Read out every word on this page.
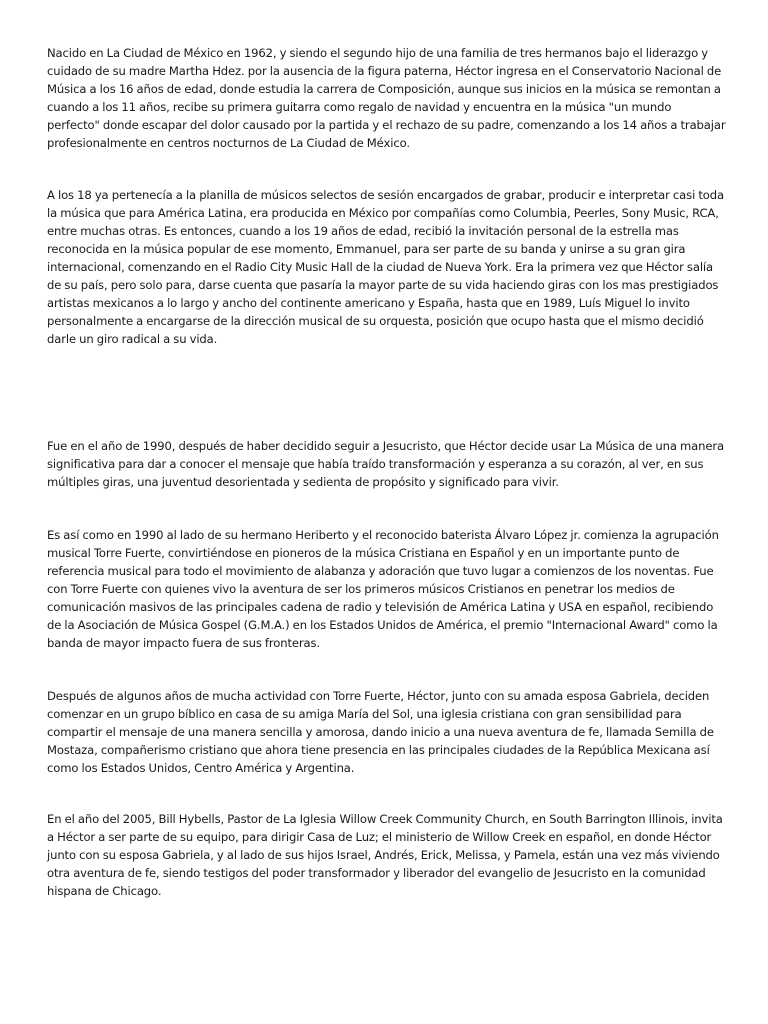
Nacido en La Ciudad de México en 1962, y siendo el segundo hijo de una familia de tres hermanos bajo el liderazgo y cuidado de su madre Martha Hdez. por la ausencia de la figura paterna, Héctor ingresa en el Conservatorio Nacional de Música a los 16 años de edad, donde estudia la carrera de Composición, aunque sus inicios en la música se remontan a cuando a los 11 años, recibe su primera guitarra como regalo de navidad y encuentra en la música "un mundo perfecto" donde escapar del dolor causado por la partida y el rechazo de su padre, comenzando a los 14 años a trabajar profesionalmente en centros nocturnos de La Ciudad de México.

A los 18 ya pertenecía a la planilla de músicos selectos de sesión encargados de grabar, producir e interpretar casi toda la música que para América Latina, era producida en México por compañías como Columbia, Peerles, Sony Music, RCA, entre muchas otras. Es entonces, cuando a los 19 años de edad, recibió la invitación personal de la estrella mas reconocida en la música popular de ese momento, Emmanuel, para ser parte de su banda y unirse a su gran gira internacional, comenzando en el Radio City Music Hall de la ciudad de Nueva York. Era la primera vez que Héctor salía de su país, pero solo para, darse cuenta que pasaría la mayor parte de su vida haciendo giras con los mas prestigiados artistas mexicanos a lo largo y ancho del continente americano y España, hasta que en 1989, Luís Miguel lo invito personalmente a encargarse de la dirección musical de su orquesta, posición que ocupo hasta que el mismo decidió darle un giro radical a su vida.

Fue en el año de 1990, después de haber decidido seguir a Jesucristo, que Héctor decide usar La Música de una manera significativa para dar a conocer el mensaje que había traído transformación y esperanza a su corazón, al ver, en sus múltiples giras, una juventud desorientada y sedienta de propósito y significado para vivir.

Es así como en 1990 al lado de su hermano Heriberto y el reconocido baterista Álvaro López jr. comienza la agrupación musical Torre Fuerte, convirtiéndose en pioneros de la música Cristiana en Español y en un importante punto de referencia musical para todo el movimiento de alabanza y adoración que tuvo lugar a comienzos de los noventas. Fue con Torre Fuerte con quienes vivo la aventura de ser los primeros músicos Cristianos en penetrar los medios de comunicación masivos de las principales cadena de radio y televisión de América Latina y USA en español, recibiendo de la Asociación de Música Gospel (G.M.A.) en los Estados Unidos de América, el premio "Internacional Award" como la banda de mayor impacto fuera de sus fronteras.

Después de algunos años de mucha actividad con Torre Fuerte, Héctor, junto con su amada esposa Gabriela, deciden comenzar en un grupo bíblico en casa de su amiga María del Sol, una iglesia cristiana con gran sensibilidad para compartir el mensaje de una manera sencilla y amorosa, dando inicio a una nueva aventura de fe, llamada Semilla de Mostaza, compañerismo cristiano que ahora tiene presencia en las principales ciudades de la República Mexicana así como los Estados Unidos, Centro América y Argentina.

En el año del 2005, Bill Hybells, Pastor de La Iglesia Willow Creek Community Church, en South Barrington Illinois, invita a Héctor a ser parte de su equipo, para dirigir Casa de Luz; el ministerio de Willow Creek en español, en donde Héctor junto con su esposa Gabriela, y al lado de sus hijos Israel, Andrés, Erick, Melissa, y Pamela, están una vez más viviendo otra aventura de fe, siendo testigos del poder transformador y liberador del evangelio de Jesucristo en la comunidad hispana de Chicago.
